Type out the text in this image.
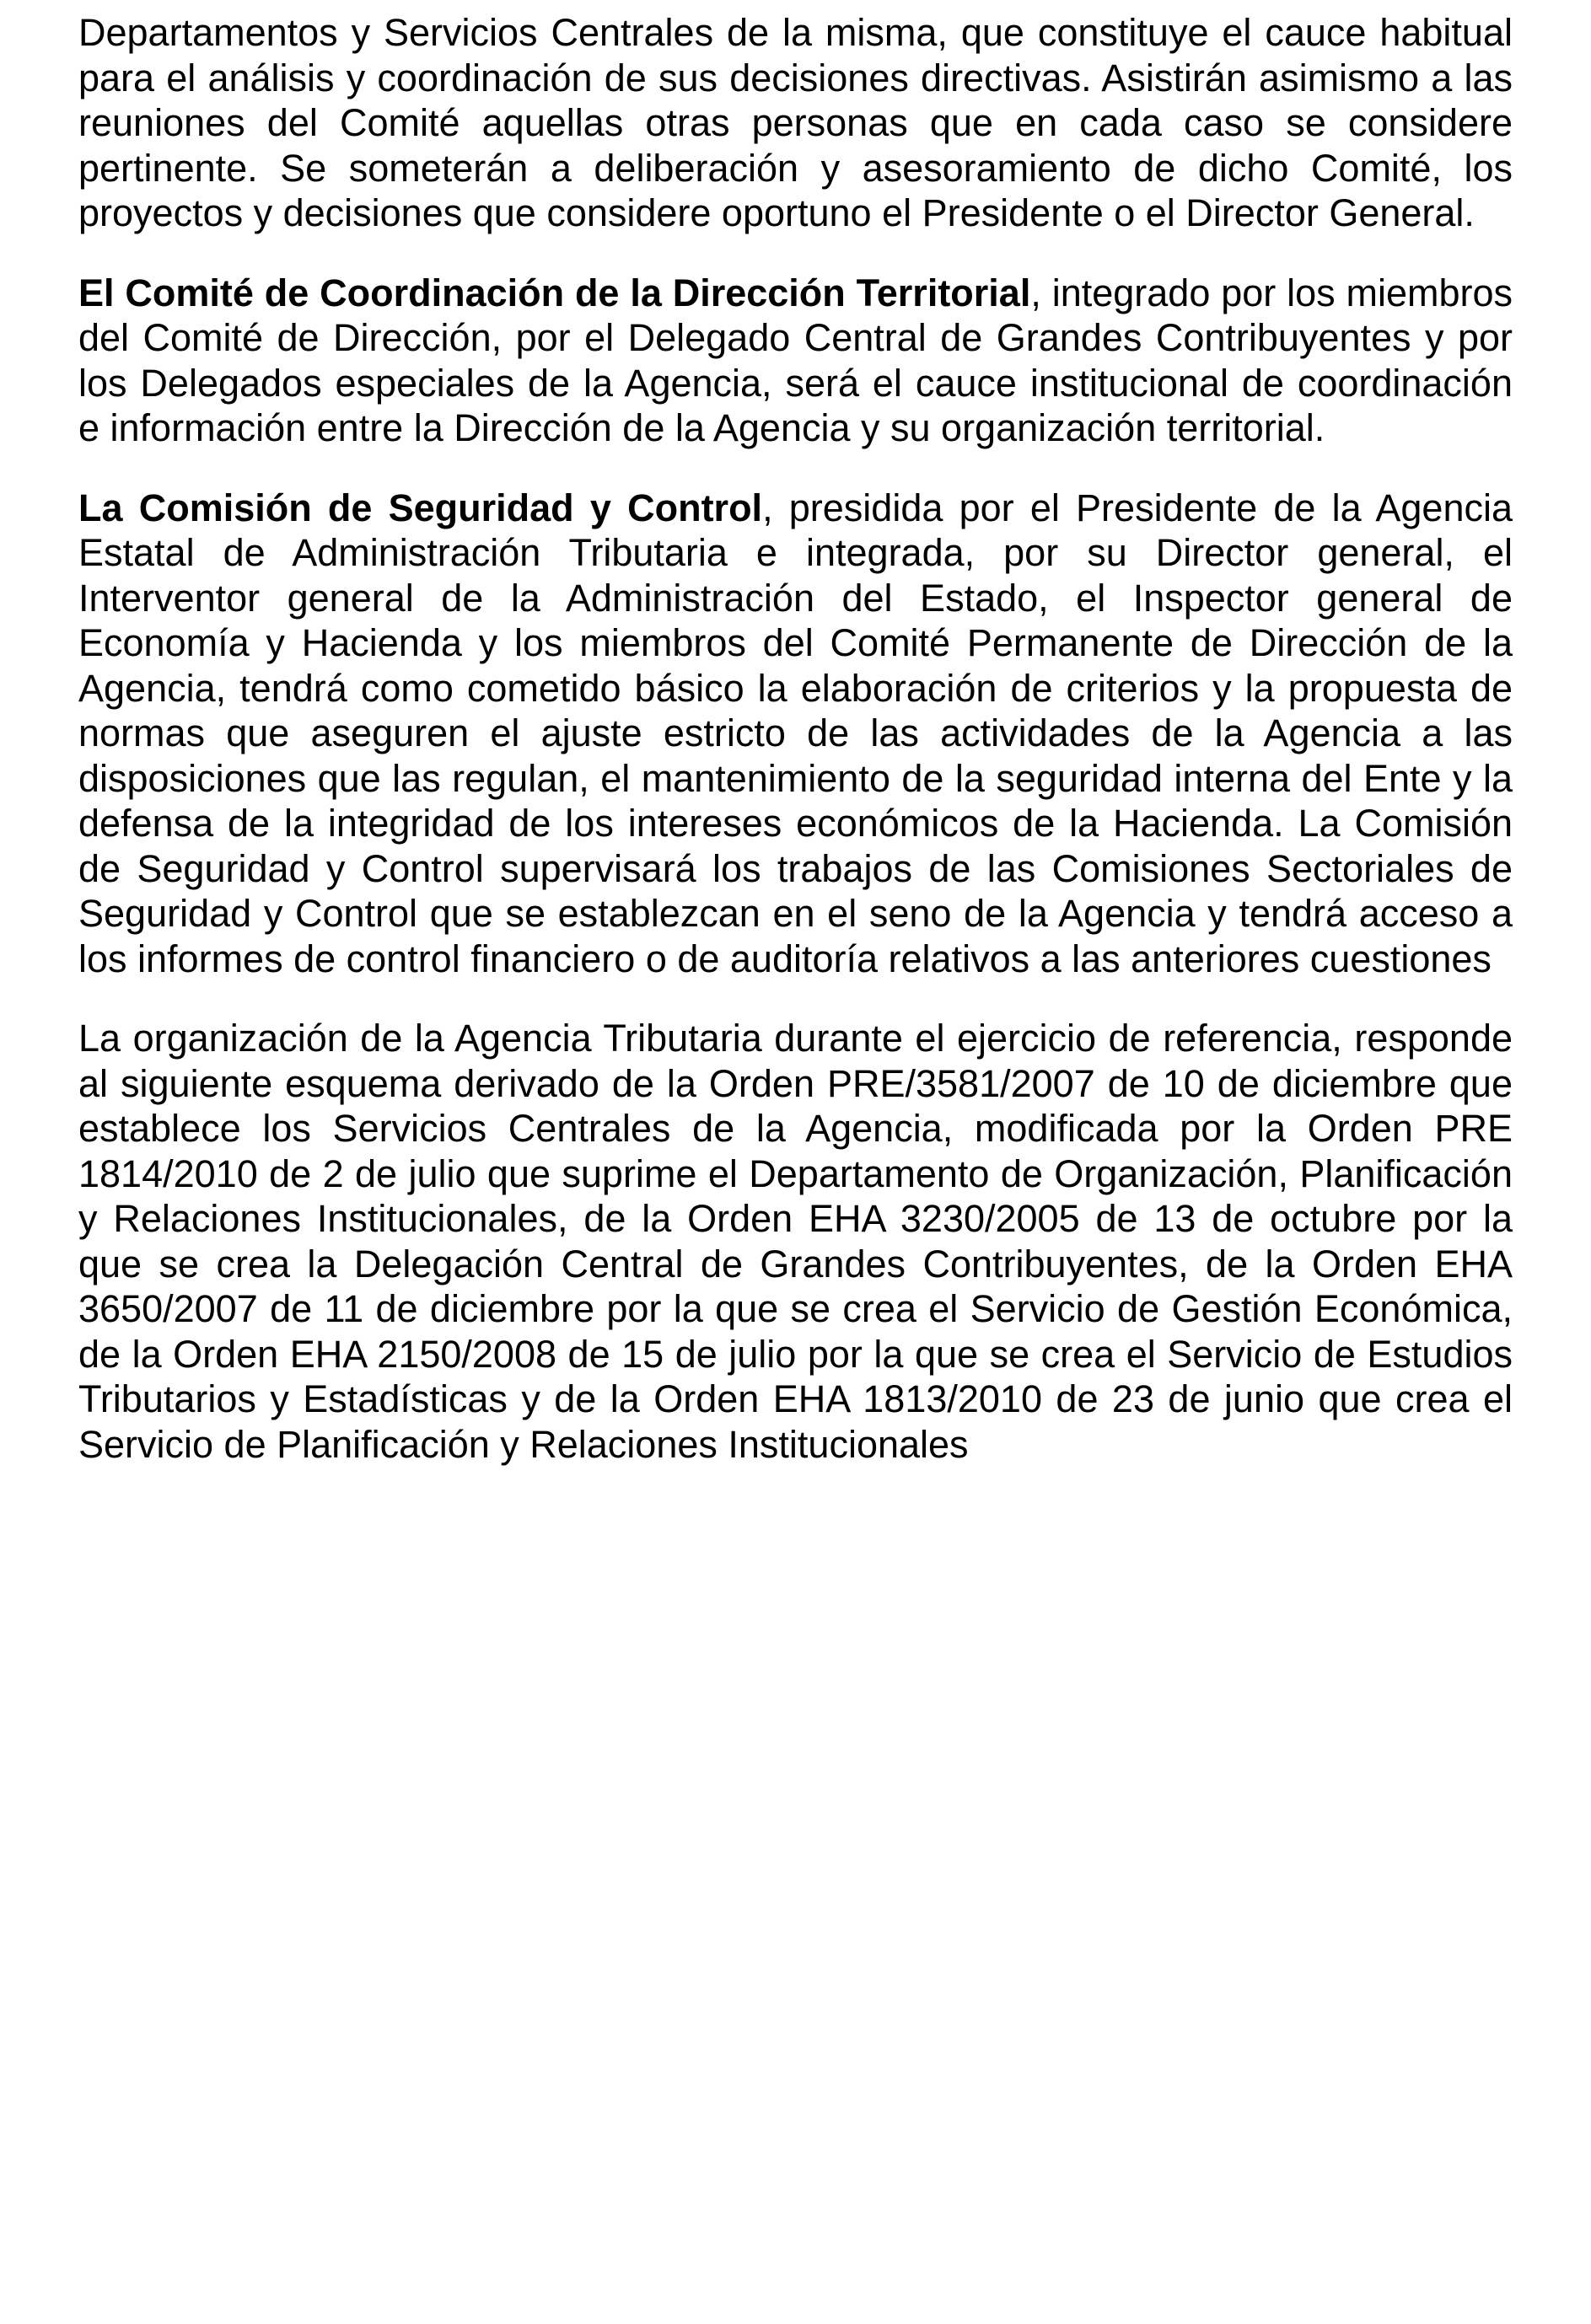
Departamentos y Servicios Centrales de la misma, que constituye el cauce habitual para el análisis y coordinación de sus decisiones directivas. Asistirán asimismo a las reuniones del Comité aquellas otras personas que en cada caso se considere pertinente. Se someterán a deliberación y asesoramiento de dicho Comité, los proyectos y decisiones que considere oportuno el Presidente o el Director General.

El Comité de Coordinación de la Dirección Territorial, integrado por los miembros del Comité de Dirección, por el Delegado Central de Grandes Contribuyentes y por los Delegados especiales de la Agencia, será el cauce institucional de coordinación e información entre la Dirección de la Agencia y su organización territorial.

La Comisión de Seguridad y Control, presidida por el Presidente de la Agencia Estatal de Administración Tributaria e integrada, por su Director general, el Interventor general de la Administración del Estado, el Inspector general de Economía y Hacienda y los miembros del Comité Permanente de Dirección de la Agencia, tendrá como cometido básico la elaboración de criterios y la propuesta de normas que aseguren el ajuste estricto de las actividades de la Agencia a las disposiciones que las regulan, el mantenimiento de la seguridad interna del Ente y la defensa de la integridad de los intereses económicos de la Hacienda. La Comisión de Seguridad y Control supervisará los trabajos de las Comisiones Sectoriales de Seguridad y Control que se establezcan en el seno de la Agencia y tendrá acceso a los informes de control financiero o de auditoría relativos a las anteriores cuestiones

La organización de la Agencia Tributaria durante el ejercicio de referencia, responde al siguiente esquema derivado de la Orden PRE/3581/2007 de 10 de diciembre que establece los Servicios Centrales de la Agencia, modificada por la Orden PRE 1814/2010 de 2 de julio que suprime el Departamento de Organización, Planificación y Relaciones Institucionales, de la Orden EHA 3230/2005 de 13 de octubre por la que se crea la Delegación Central de Grandes Contribuyentes, de la Orden EHA 3650/2007 de 11 de diciembre por la que se crea el Servicio de Gestión Económica, de la Orden EHA 2150/2008 de 15 de julio por la que se crea el Servicio de Estudios Tributarios y Estadísticas y de la Orden EHA 1813/2010 de 23 de junio que crea el Servicio de Planificación y Relaciones Institucionales
